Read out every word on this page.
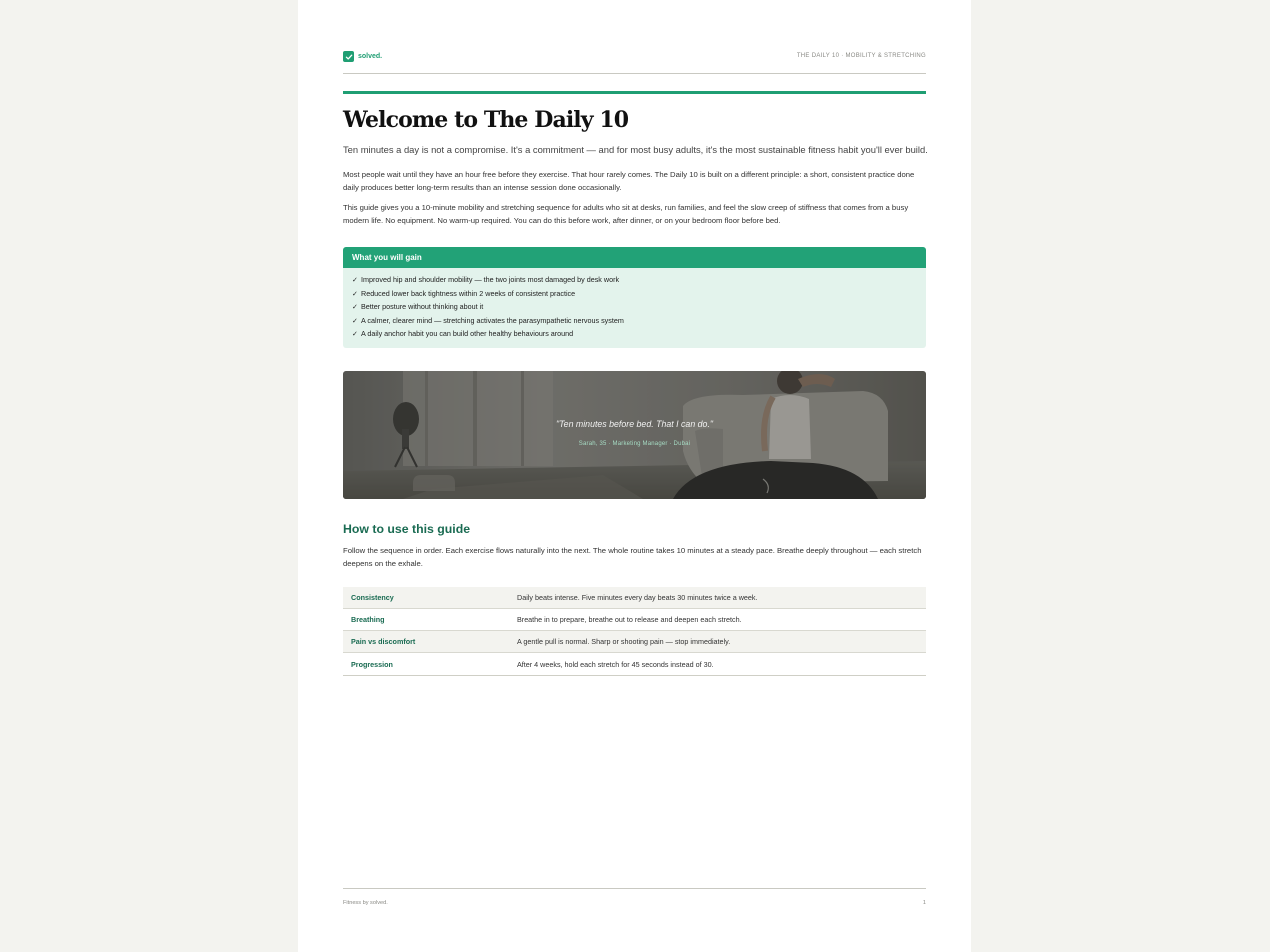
solved.	THE DAILY 10 · MOBILITY & STRETCHING
Welcome to The Daily 10

Ten minutes a day is not a compromise. It's a commitment — and for most busy adults, it's the most sustainable fitness habit you'll ever build.

Most people wait until they have an hour free before they exercise. That hour rarely comes. The Daily 10 is built on a different principle: a short, consistent practice done daily produces better long-term results than an intense session done occasionally.

This guide gives you a 10-minute mobility and stretching sequence for adults who sit at desks, run families, and feel the slow creep of stiffness that comes from a busy modern life. No equipment. No warm-up required. You can do this before work, after dinner, or on your bedroom floor before bed.

What you will gain
✓ Improved hip and shoulder mobility — the two joints most damaged by desk work
✓ Reduced lower back tightness within 2 weeks of consistent practice
✓ Better posture without thinking about it
✓ A calmer, clearer mind — stretching activates the parasympathetic nervous system
✓ A daily anchor habit you can build other healthy behaviours around
"Ten minutes before bed. That I can do."
Sarah, 35 · Marketing Manager · Dubai
How to use this guide

Follow the sequence in order. Each exercise flows naturally into the next. The whole routine takes 10 minutes at a steady pace. Breathe deeply throughout — each stretch deepens on the exhale.

Consistency	Daily beats intense. Five minutes every day beats 30 minutes twice a week.
Breathing	Breathe in to prepare, breathe out to release and deepen each stretch.
Pain vs discomfort	A gentle pull is normal. Sharp or shooting pain — stop immediately.
Progression	After 4 weeks, hold each stretch for 45 seconds instead of 30.
Fitness by solved.	1
